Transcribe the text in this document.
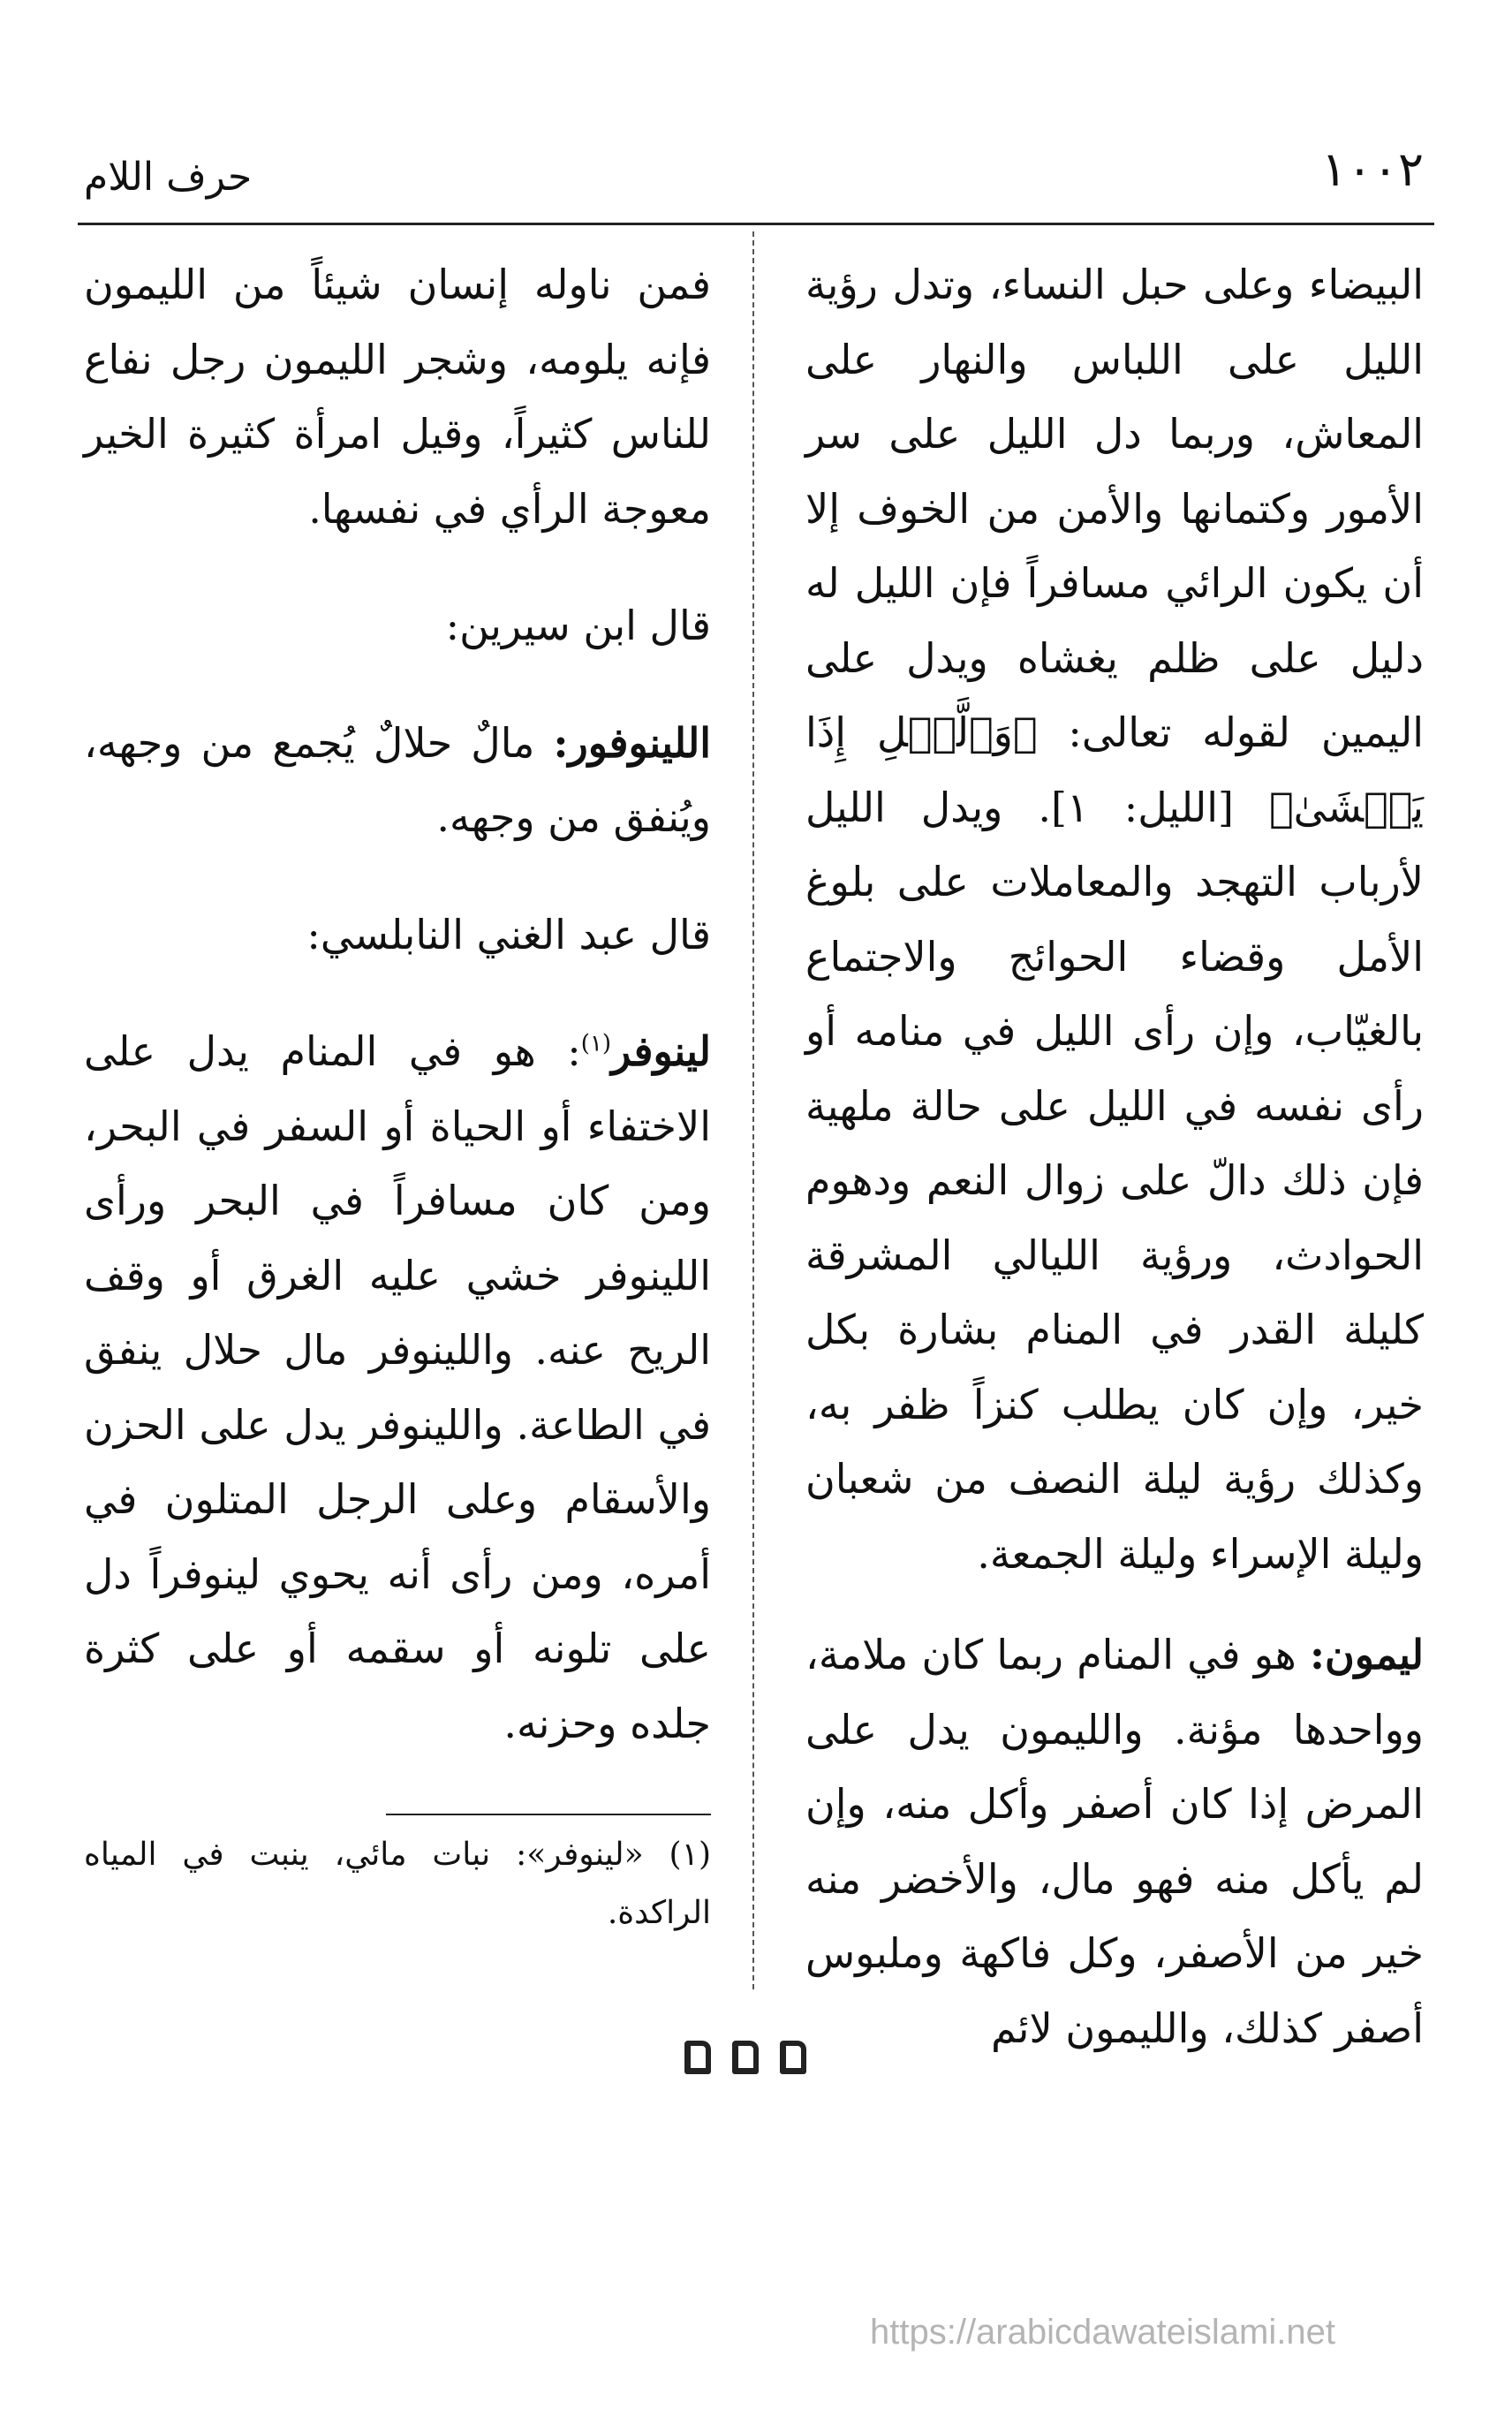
حرف اللام	١٠٠٢

البيضاء وعلى حبل النساء، وتدل رؤية الليل على اللباس والنهار على المعاش، وربما دل الليل على سر الأمور وكتمانها والأمن من الخوف إلا أن يكون الرائي مسافراً فإن الليل له دليل على ظلم يغشاه ويدل على اليمين لقوله تعالى: ﴿وَٱلَّيۡلِ إِذَا يَغۡشَىٰ﴾ [الليل: ١]. ويدل الليل لأرباب التهجد والمعاملات على بلوغ الأمل وقضاء الحوائج والاجتماع بالغيّاب، وإن رأى الليل في منامه أو رأى نفسه في الليل على حالة ملهية فإن ذلك دالّ على زوال النعم ودهوم الحوادث، ورؤية الليالي المشرقة كليلة القدر في المنام بشارة بكل خير، وإن كان يطلب كنزاً ظفر به، وكذلك رؤية ليلة النصف من شعبان وليلة الإسراء وليلة الجمعة.

ليمون: هو في المنام ربما كان ملامة، وواحدها مؤنة. والليمون يدل على المرض إذا كان أصفر وأكل منه، وإن لم يأكل منه فهو مال، والأخضر منه خير من الأصفر، وكل فاكهة وملبوس أصفر كذلك، والليمون لائم

فمن ناوله إنسان شيئاً من الليمون فإنه يلومه، وشجر الليمون رجل نفاع للناس كثيراً، وقيل امرأة كثيرة الخير معوجة الرأي في نفسها.

قال ابن سيرين:

اللينوفور: مالٌ حلالٌ يُجمع من وجهه، ويُنفق من وجهه.

قال عبد الغني النابلسي:

لينوفر$^{(١)}$: هو في المنام يدل على الاختفاء أو الحياة أو السفر في البحر، ومن كان مسافراً في البحر ورأى اللينوفر خشي عليه الغرق أو وقف الريح عنه. واللينوفر مال حلال ينفق في الطاعة. واللينوفر يدل على الحزن والأسقام وعلى الرجل المتلون في أمره، ومن رأى أنه يحوي لينوفراً دل على تلونه أو سقمه أو على كثرة جلده وحزنه.

(١) «لينوفر»: نبات مائي، ينبت في المياه الراكدة.

https://arabicdawateislami.net
